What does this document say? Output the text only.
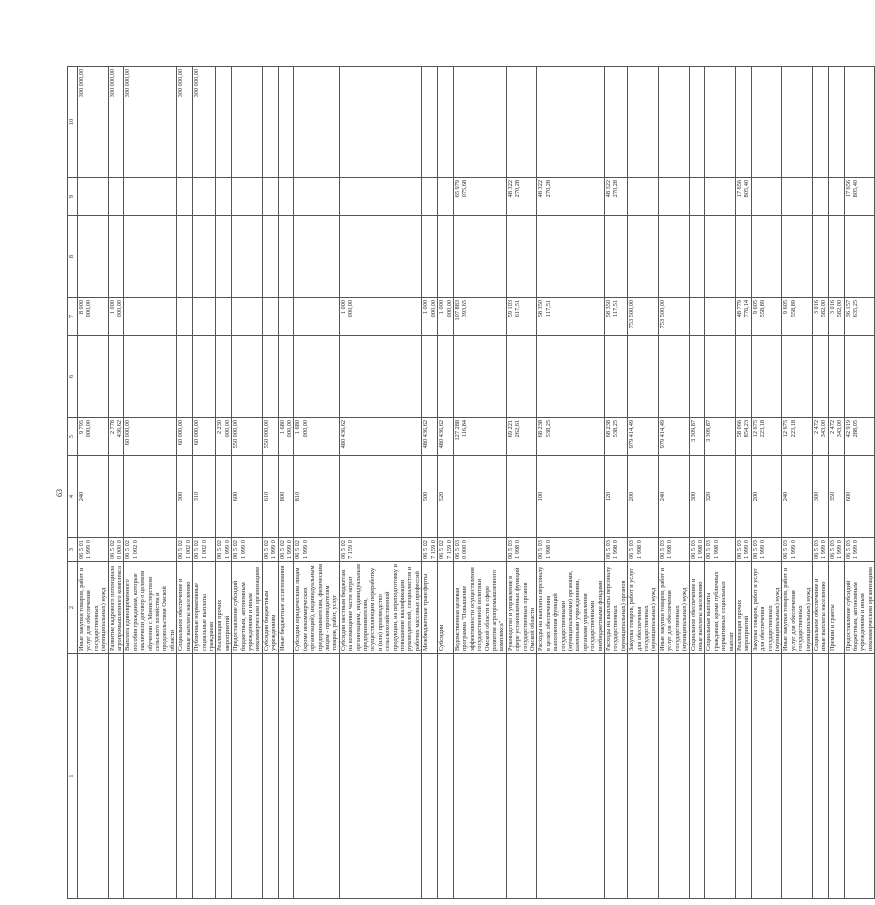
63
1	2	3	4	5	6	7	8	9	10
	Иные закупки товаров, работ и услуг для обеспечения государственных (муниципальных) нужд	06 5 01 1 999 0	240	9 795 000,00		8 000 000,00			300 000,00
	Развитие кадрового потенциала агропромышленного комплекса	06 5 02 0 000 0		2 778 436,62		1 000 000,00			300 000,00
	Выплата единовременного пособия гражданам, которые заключили договор о целевом обучении с Министерством сельского хозяйства и продовольствия Омской области	06 5 02 1 002 0		60 000,00					300 000,00
	Социальное обеспечение и иные выплаты населению	06 5 02 1 002 0	300	60 000,00					300 000,00
	Публичные нормативные социальные выплаты гражданам	06 5 02 1 002 0	310	60 000,00					300 000,00
	Реализация прочих мероприятий	06 5 02 1 999 0		2 230 000,00					
	Предоставление субсидий бюджетным, автономным учреждениям и иным некоммерческим организациям	06 5 02 1 999 0	600	550 000,00					
	Субсидии бюджетным учреждениям	06 5 02 1 999 0	610	550 000,00					
	Иные бюджетные ассигнования	06 5 02 1 999 0	800	1 680 000,00					
	Субсидии юридическим лицам (кроме некоммерческих организаций), индивидуальным предпринимателям, физическим лицам - производителям товаров, работ, услуг	06 5 02 1 999 0	810	1 680 000,00					
	Субсидии местным бюджетам на возмещение части затрат организациям, индивидуальным предпринимателям, осуществляющим переработку и (или) производство сельскохозяйственной продукции, на переподготовку и повышение квалификации руководителей, специалистов и рабочих массовых профессий	06 5 02 7 159 0		480 436,62		1 000 000,00			
	Межбюджетные трансферты	06 5 02 7 159 0	500	480 436,62		1 000 000,00			
	Субсидии	06 5 02 7 159 0	520	480 436,62		1 000 000,00			
	Ведомственная целевая программа "Повышение эффективности осуществления государственной политики Омской области в сфере развития агропромышленного комплекса"	06 5 03 0 000 0		127 288 116,84		107 883 393,65		65 979 075,68	
	Руководство и управление в сфере установленных функций государственных органов Омской области	06 5 03 1 998 0		69 221 262,61		59 103 617,51		48 322 270,28	
	Расходы на выплаты персоналу в целях обеспечения выполнения функций государственными (муниципальными) органами, казенными учреждениями, органами управления государственными внебюджетными фондами	06 5 03 1 998 0	100	68 238 538,25		58 350 117,51		48 322 270,28	
	Расходы на выплаты персоналу государственных (муниципальных) органов	06 5 03 1 998 0	120	68 238 538,25		58 350 117,51		48 322 270,28	
	Закупка товаров, работ и услуг для обеспечения государственных (муниципальных) нужд	06 5 03 1 998 0	200	979 414,49		753 500,00			
	Иные закупки товаров, работ и услуг для обеспечения государственных (муниципальных) нужд	06 5 03 1 998 0	240	979 414,49		753 500,00			
	Социальное обеспечение и иные выплаты населению	06 5 03 1 998 0	300	3 309,87					
	Социальные выплаты гражданам, кроме публичных нормативных социальных выплат	06 5 03 1 998 0	320	3 309,87					
	Реализация прочих мероприятий	06 5 03 1 999 0		58 066 854,23		48 779 776,14		17 656 805,40	
	Закупка товаров, работ и услуг для обеспечения государственных (муниципальных) нужд	06 5 03 1 999 0	200	12 675 223,18		9 605 558,89			
	Иные закупки товаров, работ и услуг для обеспечения государственных (муниципальных) нужд	06 5 03 1 999 0	240	12 675 223,18		9 605 558,89			
	Социальное обеспечение и иные выплаты населению	06 5 03 1 999 0	300	2 472 343,00		3 016 582,00			
	Премии и гранты	06 5 03 1 999 0	350	2 472 343,00		3 016 582,00			
	Предоставление субсидий бюджетным, автономным учреждениям и иным некоммерческим организациям	06 5 03 1 999 0	600	42 919 288,05		36 157 635,25		17 656 805,40	
